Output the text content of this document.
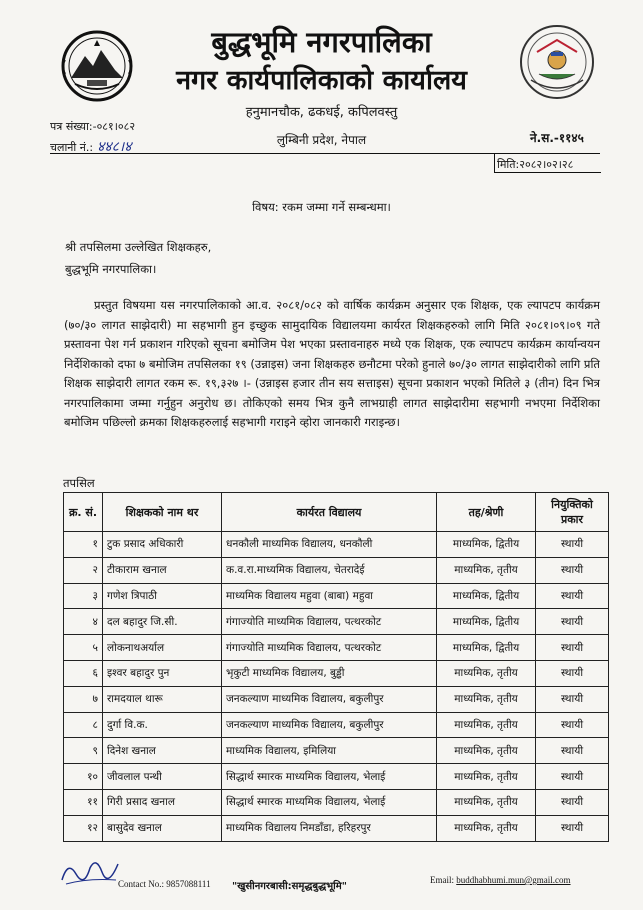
बुद्धभूमि नगरपालिका
नगर कार्यपालिकाको कार्यालय
हनुमानचौक, ढकधई, कपिलवस्तु
लुम्बिनी प्रदेश, नेपाल
पत्र संख्या:-०८१।०८२
चलानी नं.: ४४८।४
ने.स.-११४५
मिति:२०८२।०२।२८
विषय: रकम जम्मा गर्ने सम्बन्धमा।
श्री तपसिलमा उल्लेखित शिक्षकहरु,
बुद्धभूमि नगरपालिका।
प्रस्तुत विषयमा यस नगरपालिकाको आ.व. २०८१/०८२ को वार्षिक कार्यक्रम अनुसार एक शिक्षक, एक ल्यापटप कार्यक्रम (७०/३० लागत साझेदारी) मा सहभागी हुन इच्छुक सामुदायिक विद्यालयमा कार्यरत शिक्षकहरुको लागि मिति २०८१।०९।०९ गते प्रस्तावना पेश गर्न प्रकाशन गरिएको सूचना बमोजिम पेश भएका प्रस्तावनाहरु मध्ये एक शिक्षक, एक ल्यापटप कार्यक्रम कार्यान्वयन निर्देशिकाको दफा ७ बमोजिम तपसिलका १९ (उन्नाइस) जना शिक्षकहरु छनौटमा परेको हुनाले ७०/३० लागत साझेदारीको लागि प्रति शिक्षक साझेदारी लागत रकम रू. १९,३२७ ।- (उन्नाइस हजार तीन सय सत्ताइस) सूचना प्रकाशन भएको मितिले ३ (तीन) दिन भित्र नगरपालिकामा जम्मा गर्नुहुन अनुरोध छ। तोकिएको समय भित्र कुनै लाभग्राही लागत साझेदारीमा सहभागी नभएमा निर्देशिका बमोजिम पछिल्लो क्रमका शिक्षकहरुलाई सहभागी गराइने व्होरा जानकारी गराइन्छ।
तपसिल
क्र. सं.	शिक्षकको नाम थर	कार्यरत विद्यालय	तह/श्रेणी	नियुक्तिको प्रकार
१	टुक प्रसाद अधिकारी	धनकौली माध्यमिक विद्यालय, धनकौली	माध्यमिक, द्वितीय	स्थायी
२	टीकाराम खनाल	क.व.रा.माध्यमिक विद्यालय, चेतरादेई	माध्यमिक, तृतीय	स्थायी
३	गणेश त्रिपाठी	माध्यमिक विद्यालय महुवा (बाबा) महुवा	माध्यमिक, द्वितीय	स्थायी
४	दल बहादुर जि.सी.	गंगाज्योति माध्यमिक विद्यालय, पत्थरकोट	माध्यमिक, द्वितीय	स्थायी
५	लोकनाथअर्याल	गंगाज्योति माध्यमिक विद्यालय, पत्थरकोट	माध्यमिक, द्वितीय	स्थायी
६	इश्वर बहादुर पुन	भृकुटी माध्यमिक विद्यालय, बुड्ढी	माध्यमिक, तृतीय	स्थायी
७	रामदयाल थारू	जनकल्याण माध्यमिक विद्यालय, बकुलीपुर	माध्यमिक, तृतीय	स्थायी
८	दुर्गा वि.क.	जनकल्याण माध्यमिक विद्यालय, बकुलीपुर	माध्यमिक, तृतीय	स्थायी
९	दिनेश खनाल	माध्यमिक विद्यालय, इमिलिया	माध्यमिक, तृतीय	स्थायी
१०	जीवलाल पन्थी	सिद्धार्थ स्मारक माध्यमिक विद्यालय, भेलाई	माध्यमिक, तृतीय	स्थायी
११	गिरी प्रसाद खनाल	सिद्धार्थ स्मारक माध्यमिक विद्यालय, भेलाई	माध्यमिक, तृतीय	स्थायी
१२	बासुदेव खनाल	माध्यमिक विद्यालय निमडाँडा, हरिहरपुर	माध्यमिक, तृतीय	स्थायी
Contact No.: 9857088111 "खुसीनगरबासी:समृद्धबुद्धभूमि"
Email: buddhabhumi.mun@gmail.com
